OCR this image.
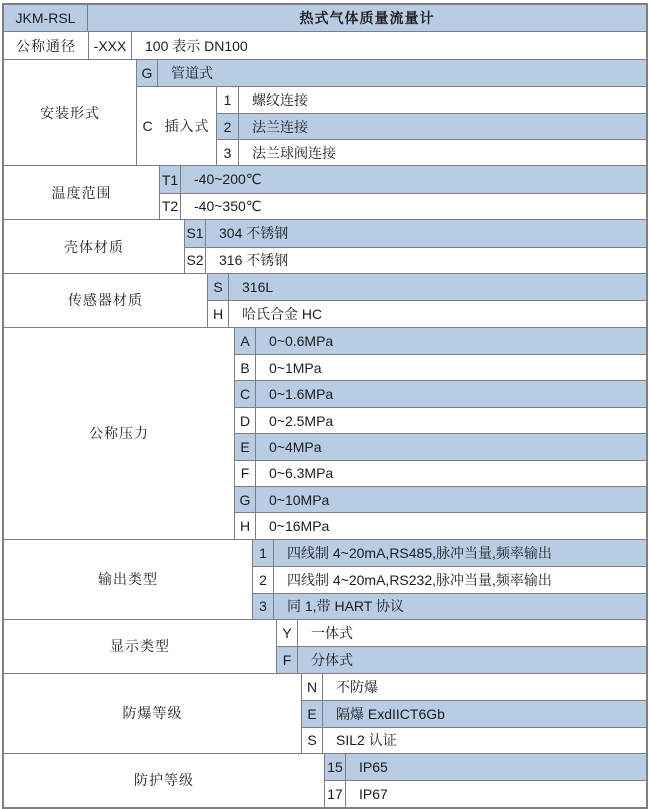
JKM-RSL	热式气体质量流量计
公称通径	-XXX	100 表示 DN100
安装形式
G	管道式
C 插入式
1	螺纹连接
2	法兰连接
3	法兰球阀连接
温度范围
T1	-40~200℃
T2	-40~350℃
壳体材质
S1	304 不锈钢
S2	316 不锈钢
传感器材质
S	316L
H	哈氏合金 HC
公称压力
A	0~0.6MPa
B	0~1MPa
C	0~1.6MPa
D	0~2.5MPa
E	0~4MPa
F	0~6.3MPa
G	0~10MPa
H	0~16MPa
输出类型
1	四线制 4~20mA,RS485,脉冲当量,频率输出
2	四线制 4~20mA,RS232,脉冲当量,频率输出
3	同 1,带 HART 协议
显示类型
Y	一体式
F	分体式
防爆等级
N	不防爆
E	隔爆 ExdIICT6Gb
S	SIL2 认证
防护等级
15	IP65
17	IP67
